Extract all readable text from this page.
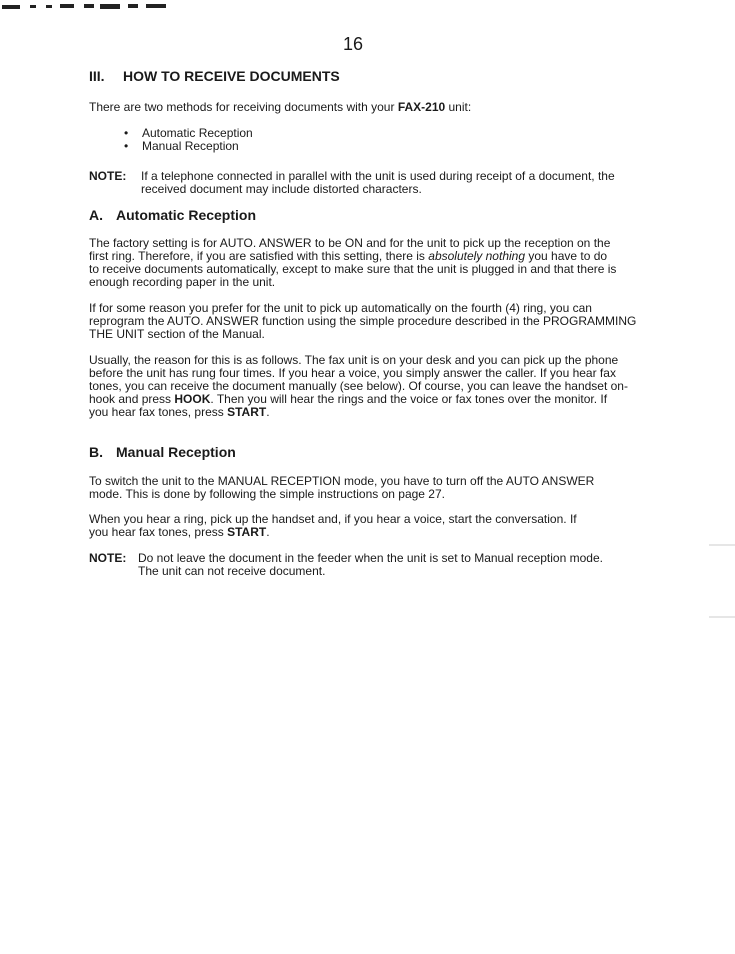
16
III. HOW TO RECEIVE DOCUMENTS

There are two methods for receiving documents with your FAX-210 unit:

• Automatic Reception
• Manual Reception
NOTE: If a telephone connected in parallel with the unit is used during receipt of a document, the
received document may include distorted characters.
A. Automatic Reception

The factory setting is for AUTO. ANSWER to be ON and for the unit to pick up the reception on the
first ring. Therefore, if you are satisfied with this setting, there is absolutely nothing you have to do
to receive documents automatically, except to make sure that the unit is plugged in and that there is
enough recording paper in the unit.

If for some reason you prefer for the unit to pick up automatically on the fourth (4) ring, you can
reprogram the AUTO. ANSWER function using the simple procedure described in the PROGRAMMING
THE UNIT section of the Manual.

Usually, the reason for this is as follows. The fax unit is on your desk and you can pick up the phone
before the unit has rung four times. If you hear a voice, you simply answer the caller. If you hear fax
tones, you can receive the document manually (see below). Of course, you can leave the handset on-
hook and press HOOK. Then you will hear the rings and the voice or fax tones over the monitor. If
you hear fax tones, press START.

B. Manual Reception

To switch the unit to the MANUAL RECEPTION mode, you have to turn off the AUTO ANSWER
mode. This is done by following the simple instructions on page 27.

When you hear a ring, pick up the handset and, if you hear a voice, start the conversation. If
you hear fax tones, press START.

NOTE: Do not leave the document in the feeder when the unit is set to Manual reception mode.
The unit can not receive document.
